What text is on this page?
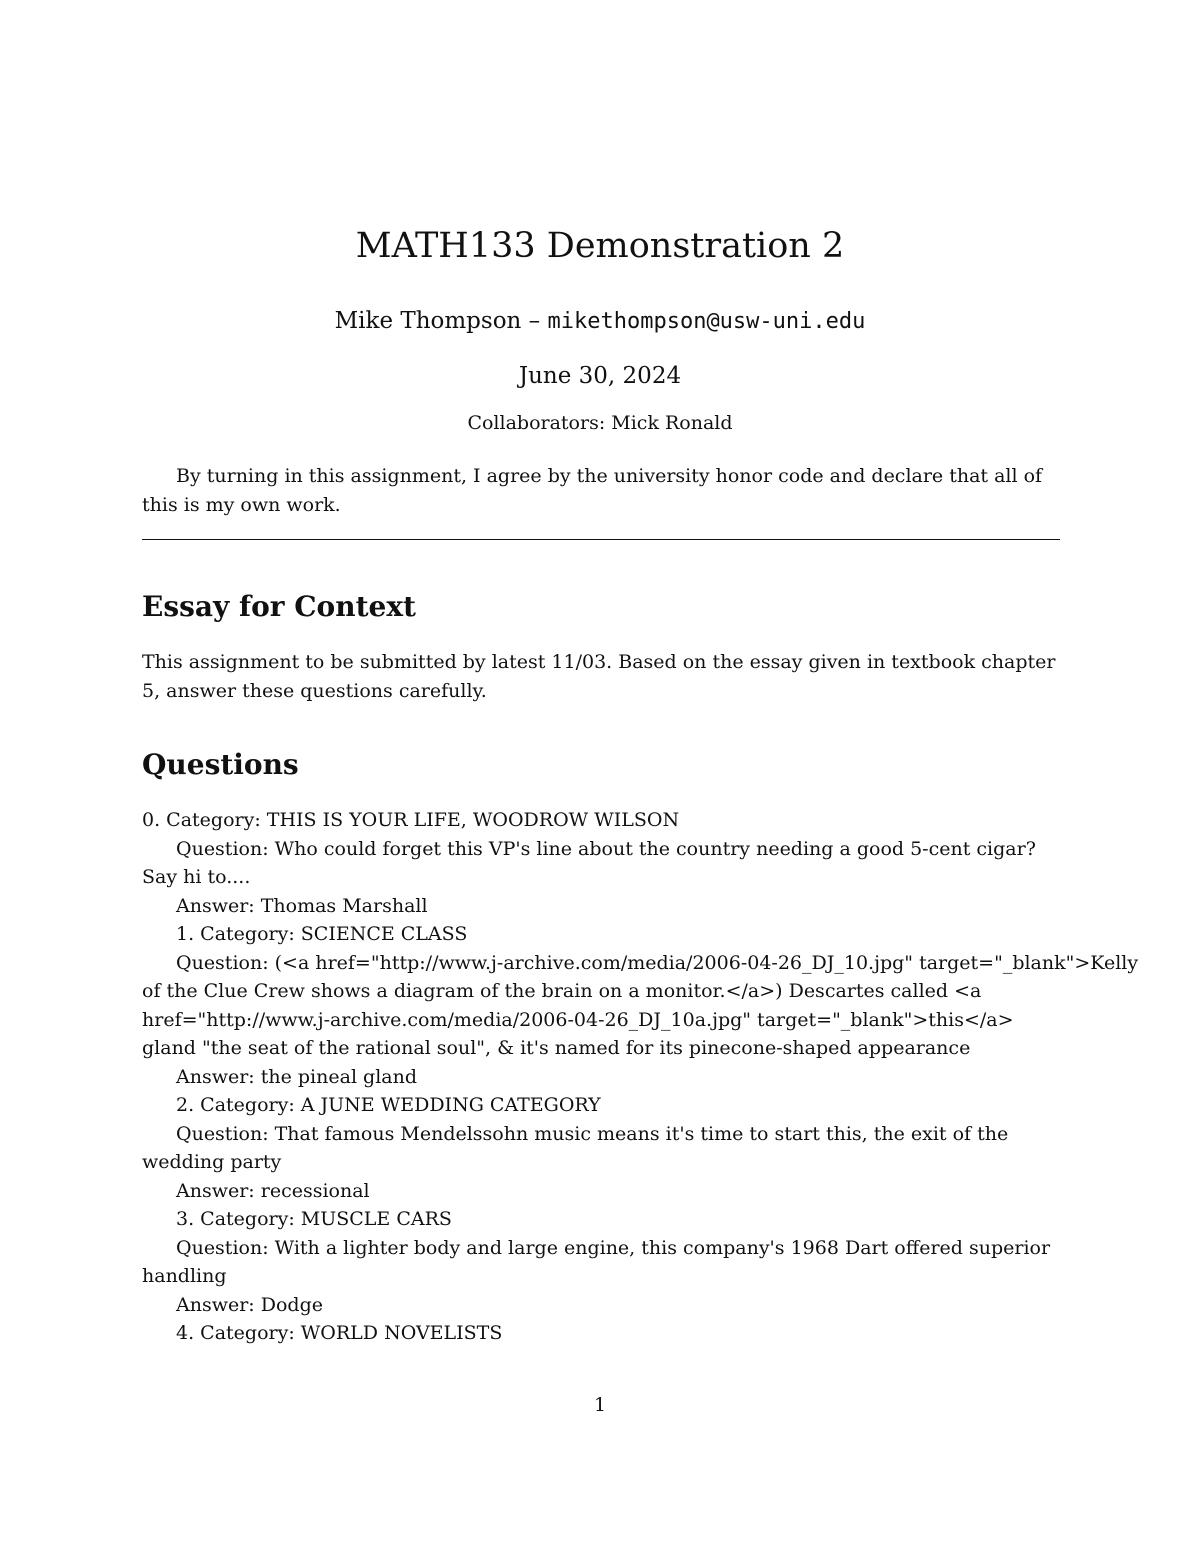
MATH133 Demonstration 2
Mike Thompson – mikethompson@usw-uni.edu
June 30, 2024
Collaborators: Mick Ronald

By turning in this assignment, I agree by the university honor code and declare that all of this is my own work.

Essay for Context

This assignment to be submitted by latest 11/03. Based on the essay given in textbook chapter 5, answer these questions carefully.

Questions

0. Category: THIS IS YOUR LIFE, WOODROW WILSON

Question: Who could forget this VP's line about the country needing a good 5-cent cigar? Say hi to....

Answer: Thomas Marshall

1. Category: SCIENCE CLASS

Question: (<a href="http://www.j-archive.com/media/2006-04-26_DJ_10.jpg" target="_blank">Kelly

of the Clue Crew shows a diagram of the brain on a monitor.</a>) Descartes called <a

href="http://www.j-archive.com/media/2006-04-26_DJ_10a.jpg" target="_blank">this</a>

gland "the seat of the rational soul", & it's named for its pinecone-shaped appearance

Answer: the pineal gland

2. Category: A JUNE WEDDING CATEGORY

Question: That famous Mendelssohn music means it's time to start this, the exit of the wedding party

Answer: recessional

3. Category: MUSCLE CARS

Question: With a lighter body and large engine, this company's 1968 Dart offered superior handling

Answer: Dodge

4. Category: WORLD NOVELISTS

1
